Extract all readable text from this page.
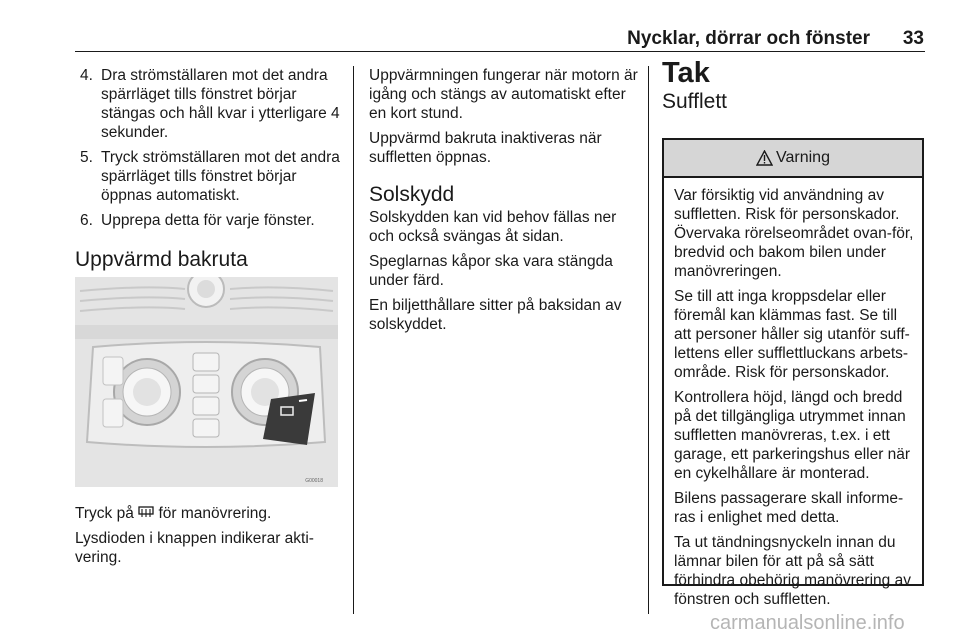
Nycklar, dörrar och fönster 33
4. Dra strömställaren mot det andra spärrläget tills fönstret börjar stängas och håll kvar i ytterligare 4 sekunder.
5. Tryck strömställaren mot det andra spärrläget tills fönstret börjar öppnas automatiskt.
6. Upprepa detta för varje fönster.
Uppvärmd bakruta
G00018

Tryck på för manövrering.

Lysdioden i knappen indikerar akti-vering.

Uppvärmningen fungerar när motorn är igång och stängs av automatiskt efter en kort stund.

Uppvärmd bakruta inaktiveras när suffletten öppnas.

Solskydd

Solskydden kan vid behov fällas ner och också svängas åt sidan.

Speglarnas kåpor ska vara stängda under färd.

En biljetthållare sitter på baksidan av solskyddet.

Tak
Sufflett
Varning

Var försiktig vid användning av suffletten. Risk för personskador. Övervaka rörelseområdet ovan-för, bredvid och bakom bilen under manövreringen.

Se till att inga kroppsdelar eller föremål kan klämmas fast. Se till att personer håller sig utanför suff-lettens eller sufflettluckans arbets-område. Risk för personskador.

Kontrollera höjd, längd och bredd på det tillgängliga utrymmet innan suffletten manövreras, t.ex. i ett garage, ett parkeringshus eller när en cykelhållare är monterad.

Bilens passagerare skall informe-ras i enlighet med detta.

Ta ut tändningsnyckeln innan du lämnar bilen för att på så sätt förhindra obehörig manövrering av fönstren och suffletten.

carmanualsonline.info
